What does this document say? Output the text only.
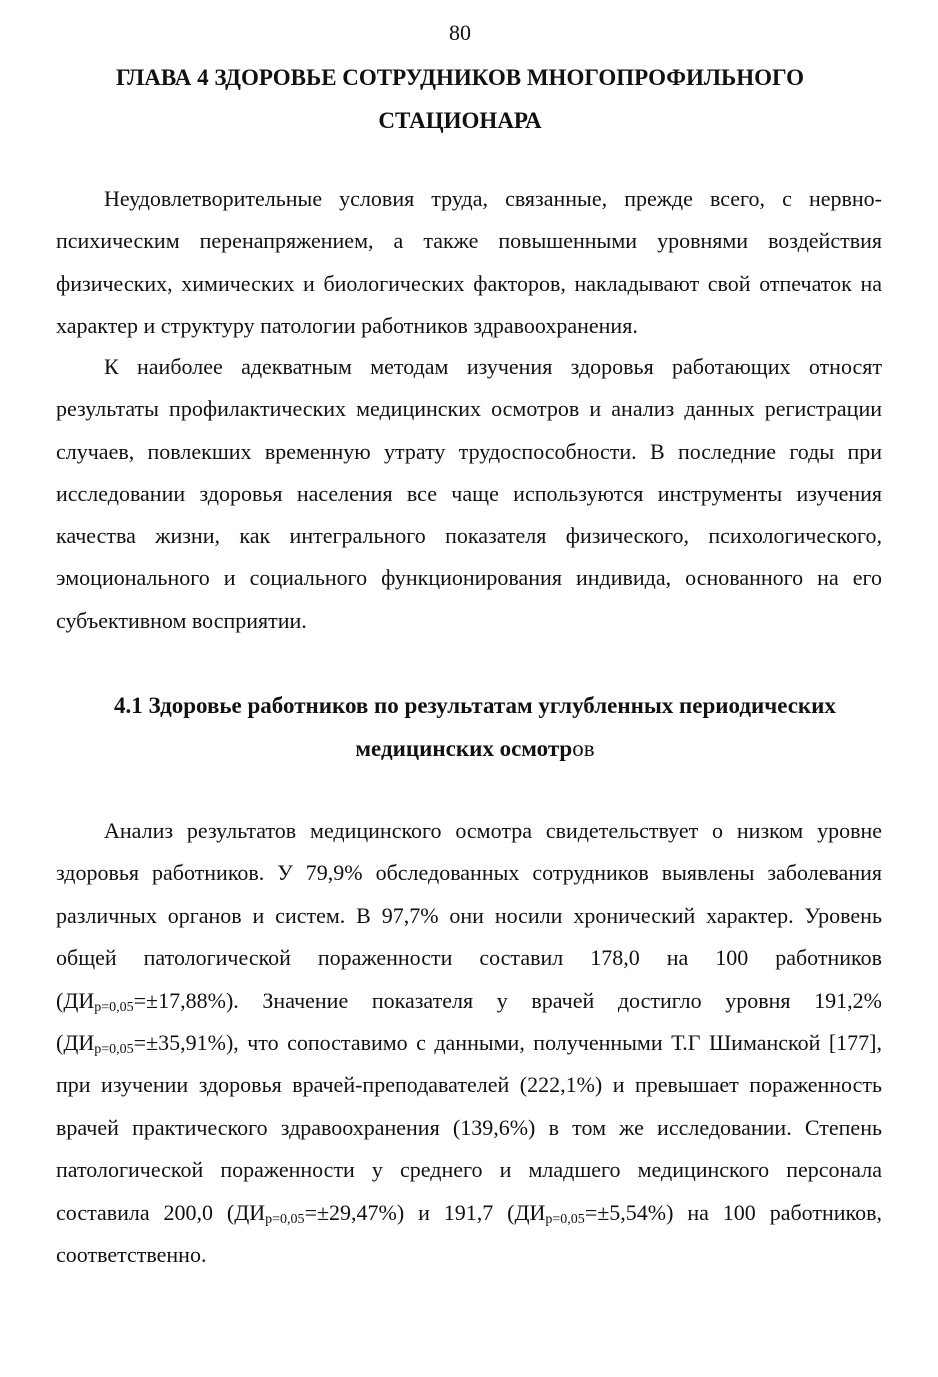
80
ГЛАВА 4 ЗДОРОВЬЕ СОТРУДНИКОВ МНОГОПРОФИЛЬНОГО СТАЦИОНАРА

Неудовлетворительные условия труда, связанные, прежде всего, с нервно-психическим перенапряжением, а также повышенными уровнями воздействия физических, химических и биологических факторов, накладывают свой отпечаток на характер и структуру патологии работников здравоохранения.

К наиболее адекватным методам изучения здоровья работающих относят результаты профилактических медицинских осмотров и анализ данных регистрации случаев, повлекших временную утрату трудоспособности. В последние годы при исследовании здоровья населения все чаще используются инструменты изучения качества жизни, как интегрального показателя физического, психологического, эмоционального и социального функционирования индивида, основанного на его субъективном восприятии.

4.1 Здоровье работников по результатам углубленных периодических медицинских осмотров

Анализ результатов медицинского осмотра свидетельствует о низком уровне здоровья работников. У 79,9% обследованных сотрудников выявлены заболевания различных органов и систем. В 97,7% они носили хронический характер. Уровень общей патологической пораженности составил 178,0 на 100 работников $(ДИ_{p=0,05}=\pm 17,88\%)$. Значение показателя у врачей достигло уровня 191,2% $(ДИ_{p=0,05}=\pm 35,91\%)$, что сопоставимо с данными, полученными Т.Г Шиманской [177], при изучении здоровья врачей-преподавателей (222,1%) и превышает пораженность врачей практического здравоохранения (139,6%) в том же исследовании. Степень патологической пораженности у среднего и младшего медицинского персонала составила 200,0 $(ДИ_{p=0,05}=\pm 29,47\%)$ и 191,7 $(ДИ_{p=0,05}=\pm 5,54\%)$ на 100 работников, соответственно.
